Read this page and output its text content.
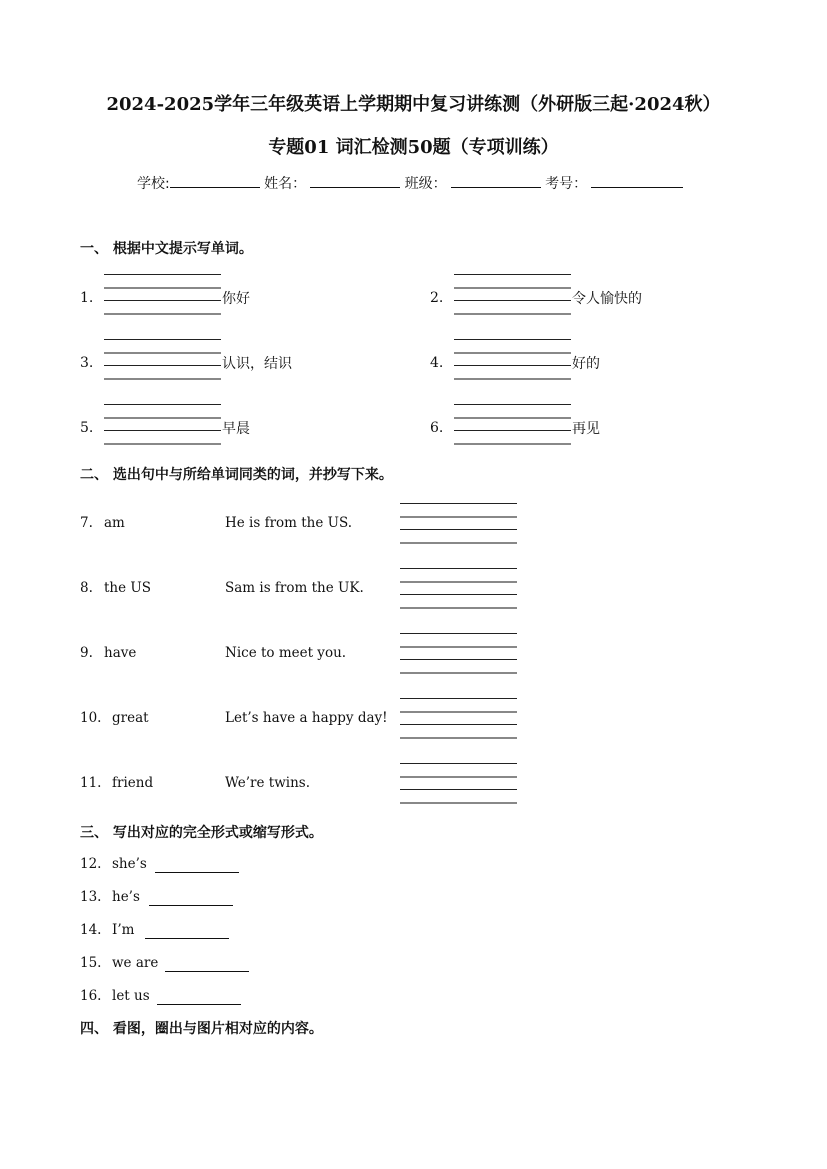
2024-2025学年三年级英语上学期期中复习讲练测（外研版三起·2024秋）
专题01 词汇检测50题（专项训练）
学校:	姓名：	班级：	考号：
一、 根据中文提示写单词。
1.	你好	2.	令人愉快的
3.	认识，结识	4.	好的
5.	早晨	6.	再见
二、 选出句中与所给单词同类的词，并抄写下来。
7. am	He is from the US.
8. the US	Sam is from the UK.
9. have	Nice to meet you.
10. great	Let’s have a happy day!
11. friend	We’re twins.
三、 写出对应的完全形式或缩写形式。
12. she’s
13. he’s
14. I’m
15. we are
16. let us
四、 看图，圈出与图片相对应的内容。
